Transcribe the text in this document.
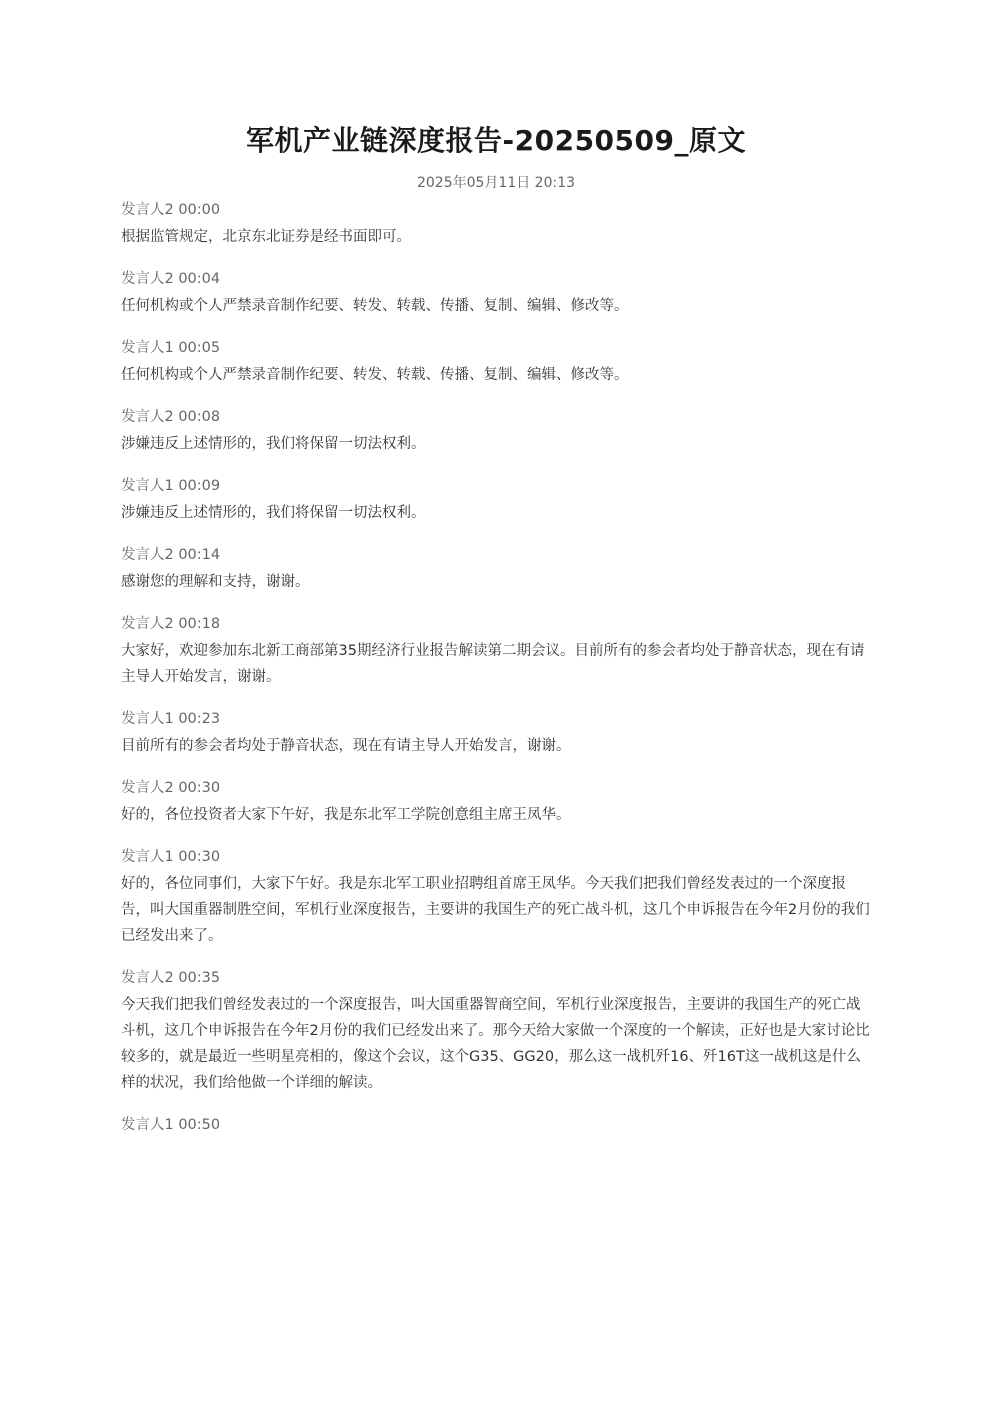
军机产业链深度报告-20250509_原文
2025年05月11日 20:13
发言人2 00:00
根据监管规定，北京东北证券是经书面即可。
发言人2 00:04
任何机构或个人严禁录音制作纪要、转发、转载、传播、复制、编辑、修改等。
发言人1 00:05
任何机构或个人严禁录音制作纪要、转发、转载、传播、复制、编辑、修改等。
发言人2 00:08
涉嫌违反上述情形的，我们将保留一切法权利。
发言人1 00:09
涉嫌违反上述情形的，我们将保留一切法权利。
发言人2 00:14
感谢您的理解和支持，谢谢。
发言人2 00:18
大家好，欢迎参加东北新工商部第35期经济行业报告解读第二期会议。目前所有的参会者均处于静音状态，现在有请主导人开始发言，谢谢。
发言人1 00:23
目前所有的参会者均处于静音状态，现在有请主导人开始发言，谢谢。
发言人2 00:30
好的，各位投资者大家下午好，我是东北军工学院创意组主席王凤华。
发言人1 00:30
好的，各位同事们，大家下午好。我是东北军工职业招聘组首席王凤华。今天我们把我们曾经发表过的一个深度报告，叫大国重器制胜空间，军机行业深度报告，主要讲的我国生产的死亡战斗机，这几个申诉报告在今年2月份的我们已经发出来了。
发言人2 00:35
今天我们把我们曾经发表过的一个深度报告，叫大国重器智商空间，军机行业深度报告，主要讲的我国生产的死亡战斗机，这几个申诉报告在今年2月份的我们已经发出来了。那今天给大家做一个深度的一个解读，正好也是大家讨论比较多的，就是最近一些明星亮相的，像这个会议，这个G35、GG20，那么这一战机歼16、歼16T这一战机这是什么样的状况，我们给他做一个详细的解读。
发言人1 00:50
